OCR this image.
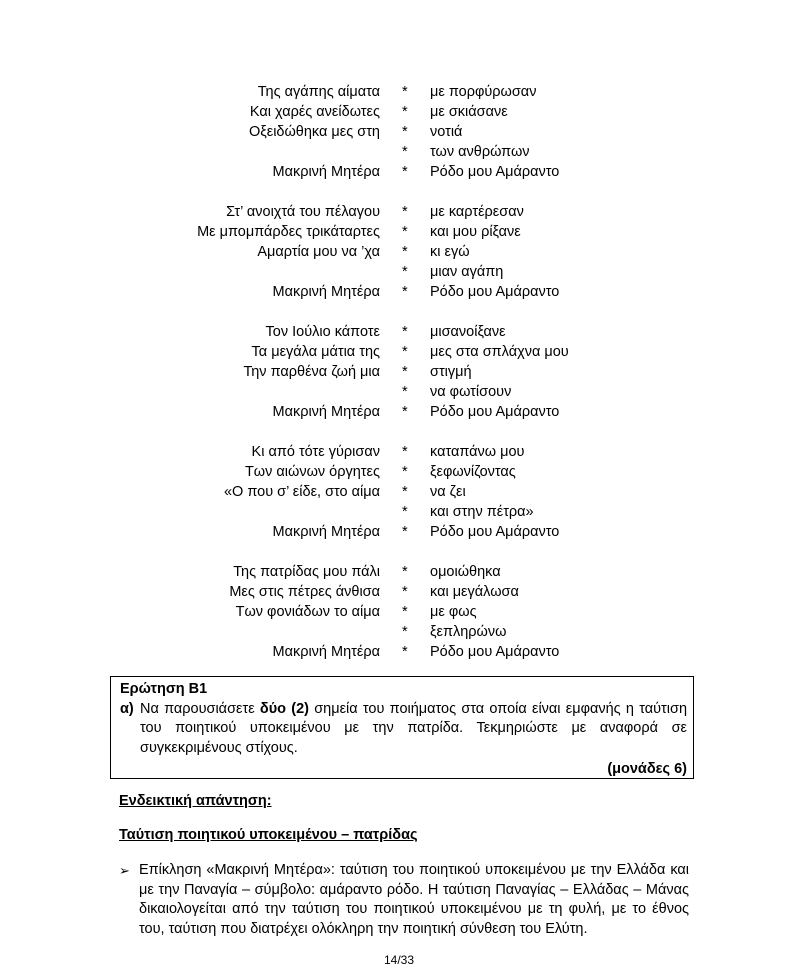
Της αγάπης αίματα * με πορφύρωσαν
Και χαρές ανείδωτες * με σκιάσανε
Οξειδώθηκα μες στη * νοτιά
* των ανθρώπων
Μακρινή Μητέρα * Ρόδο μου Αμάραντο
Στ’ ανοιχτά του πέλαγου * με καρτέρεσαν
Με μπομπάρδες τρικάταρτες * και μου ρίξανε
Αμαρτία μου να ’χα * κι εγώ
* μιαν αγάπη
Μακρινή Μητέρα * Ρόδο μου Αμάραντο
Τον Ιούλιο κάποτε * μισανοίξανε
Τα μεγάλα μάτια της * μες στα σπλάχνα μου
Την παρθένα ζωή μια * στιγμή
* να φωτίσουν
Μακρινή Μητέρα * Ρόδο μου Αμάραντο
Κι από τότε γύρισαν * καταπάνω μου
Των αιώνων όργητες * ξεφωνίζοντας
«Ο που σ’ είδε, στο αίμα * να ζει
* και στην πέτρα»
Μακρινή Μητέρα * Ρόδο μου Αμάραντο
Της πατρίδας μου πάλι * ομοιώθηκα
Μες στις πέτρες άνθισα * και μεγάλωσα
Των φονιάδων το αίμα * με φως
* ξεπληρώνω
Μακρινή Μητέρα * Ρόδο μου Αμάραντο
Ερώτηση Β1
α) Να παρουσιάσετε δύο (2) σημεία του ποιήματος στα οποία είναι εμφανής η ταύτιση του ποιητικού υποκειμένου με την πατρίδα. Τεκμηριώστε με αναφορά σε συγκεκριμένους στίχους.
(μονάδες 6)
Ενδεικτική απάντηση:
Ταύτιση ποιητικού υποκειμένου – πατρίδας
➢ Επίκληση «Μακρινή Μητέρα»: ταύτιση του ποιητικού υποκειμένου με την Ελλάδα και με την Παναγία – σύμβολο: αμάραντο ρόδο. Η ταύτιση Παναγίας – Ελλάδας – Μάνας δικαιολογείται από την ταύτιση του ποιητικού υποκειμένου με τη φυλή, με το έθνος του, ταύτιση που διατρέχει ολόκληρη την ποιητική σύνθεση του Ελύτη.
14/33
